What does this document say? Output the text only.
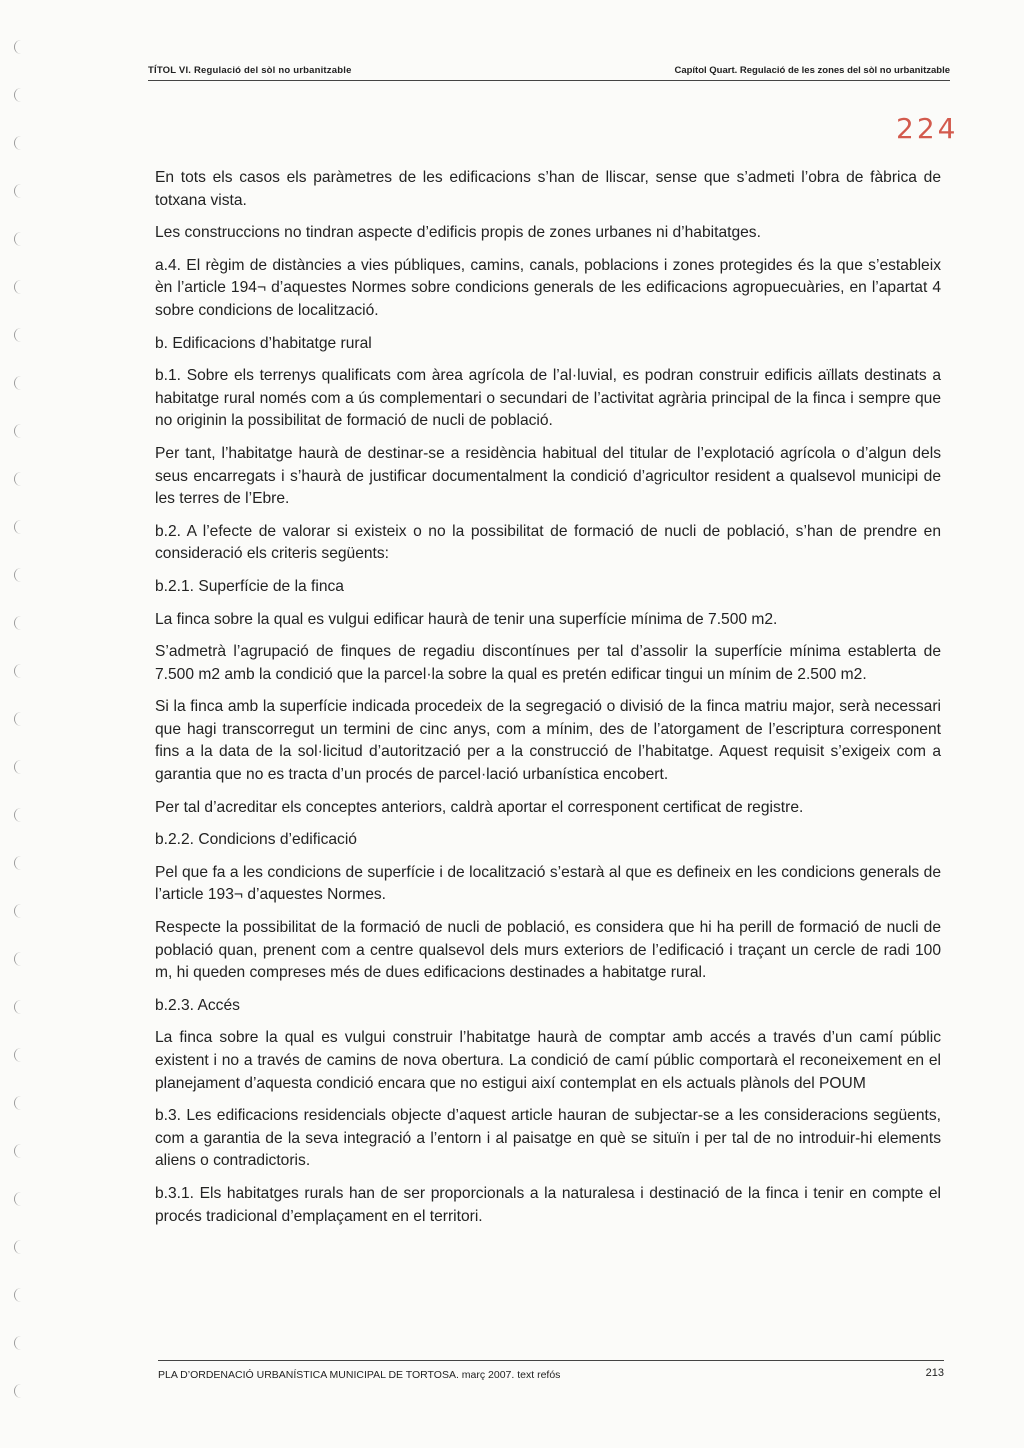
TÍTOL VI. Regulació del sòl no urbanitzable	Capítol Quart. Regulació de les zones del sòl no urbanitzable
224

En tots els casos els paràmetres de les edificacions s’han de lliscar, sense que s’admeti l’obra de fàbrica de totxana vista.

Les construccions no tindran aspecte d’edificis propis de zones urbanes ni d’habitatges.

a.4. El règim de distàncies a vies públiques, camins, canals, poblacions i zones protegides és la que s’estableix èn l’article 194¬ d’aquestes Normes sobre condicions generals de les edificacions agropuecuàries, en l’apartat 4 sobre condicions de localització.

b. Edificacions d’habitatge rural

b.1. Sobre els terrenys qualificats com àrea agrícola de l’al·luvial, es podran construir edificis aïllats destinats a habitatge rural només com a ús complementari o secundari de l’activitat agrària principal de la finca i sempre que no originin la possibilitat de formació de nucli de població.

Per tant, l’habitatge haurà de destinar-se a residència habitual del titular de l’explotació agrícola o d’algun dels seus encarregats i s’haurà de justificar documentalment la condició d’agricultor resident a qualsevol municipi de les terres de l’Ebre.

b.2. A l’efecte de valorar si existeix o no la possibilitat de formació de nucli de població, s’han de prendre en consideració els criteris següents:

b.2.1. Superfície de la finca

La finca sobre la qual es vulgui edificar haurà de tenir una superfície mínima de 7.500 m2.

S’admetrà l’agrupació de finques de regadiu discontínues per tal d’assolir la superfície mínima establerta de 7.500 m2 amb la condició que la parcel·la sobre la qual es pretén edificar tingui un mínim de 2.500 m2.

Si la finca amb la superfície indicada procedeix de la segregació o divisió de la finca matriu major, serà necessari que hagi transcorregut un termini de cinc anys, com a mínim, des de l’atorgament de l’escriptura corresponent fins a la data de la sol·licitud d’autorització per a la construcció de l’habitatge. Aquest requisit s’exigeix com a garantia que no es tracta d’un procés de parcel·lació urbanística encobert.

Per tal d’acreditar els conceptes anteriors, caldrà aportar el corresponent certificat de registre.

b.2.2. Condicions d’edificació

Pel que fa a les condicions de superfície i de localització s’estarà al que es defineix en les condicions generals de l’article 193¬ d’aquestes Normes.

Respecte la possibilitat de la formació de nucli de població, es considera que hi ha perill de formació de nucli de població quan, prenent com a centre qualsevol dels murs exteriors de l’edificació i traçant un cercle de radi 100 m, hi queden compreses més de dues edificacions destinades a habitatge rural.

b.2.3. Accés

La finca sobre la qual es vulgui construir l’habitatge haurà de comptar amb accés a través d’un camí públic existent i no a través de camins de nova obertura. La condició de camí públic comportarà el reconeixement en el planejament d’aquesta condició encara que no estigui així contemplat en els actuals plànols del POUM

b.3. Les edificacions residencials objecte d’aquest article hauran de subjectar-se a les consideracions següents, com a garantia de la seva integració a l’entorn i al paisatge en què se situïn i per tal de no introduir-hi elements aliens o contradictoris.

b.3.1. Els habitatges rurals han de ser proporcionals a la naturalesa i destinació de la finca i tenir en compte el procés tradicional d’emplaçament en el territori.

PLA D’ORDENACIÓ URBANÍSTICA MUNICIPAL DE TORTOSA. març 2007. text refós	213
